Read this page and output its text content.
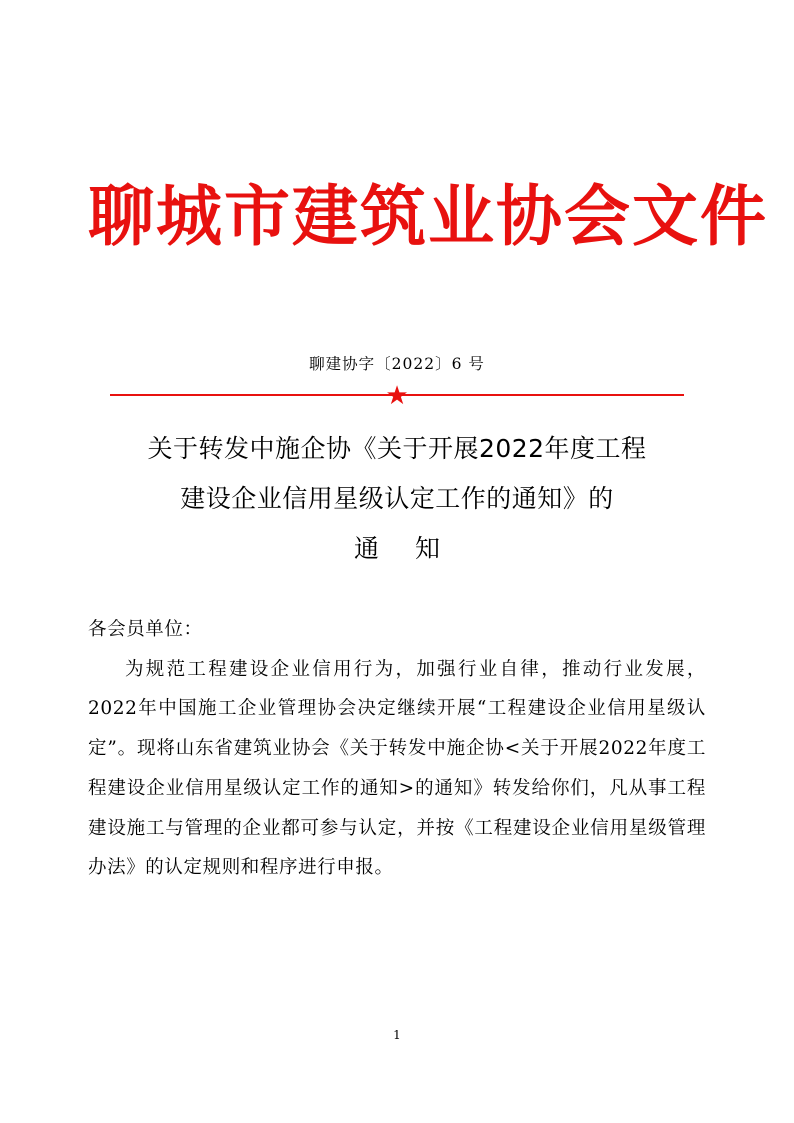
聊城市建筑业协会文件
聊建协字〔2022〕6 号
★
关于转发中施企协《关于开展2022年度工程
建设企业信用星级认定工作的通知》的
通 知

各会员单位：

为规范工程建设企业信用行为，加强行业自律，推动行业发展，2022年中国施工企业管理协会决定继续开展“工程建设企业信用星级认定”。现将山东省建筑业协会《关于转发中施企协<关于开展2022年度工程建设企业信用星级认定工作的通知>的通知》转发给你们，凡从事工程建设施工与管理的企业都可参与认定，并按《工程建设企业信用星级管理办法》的认定规则和程序进行申报。

1
